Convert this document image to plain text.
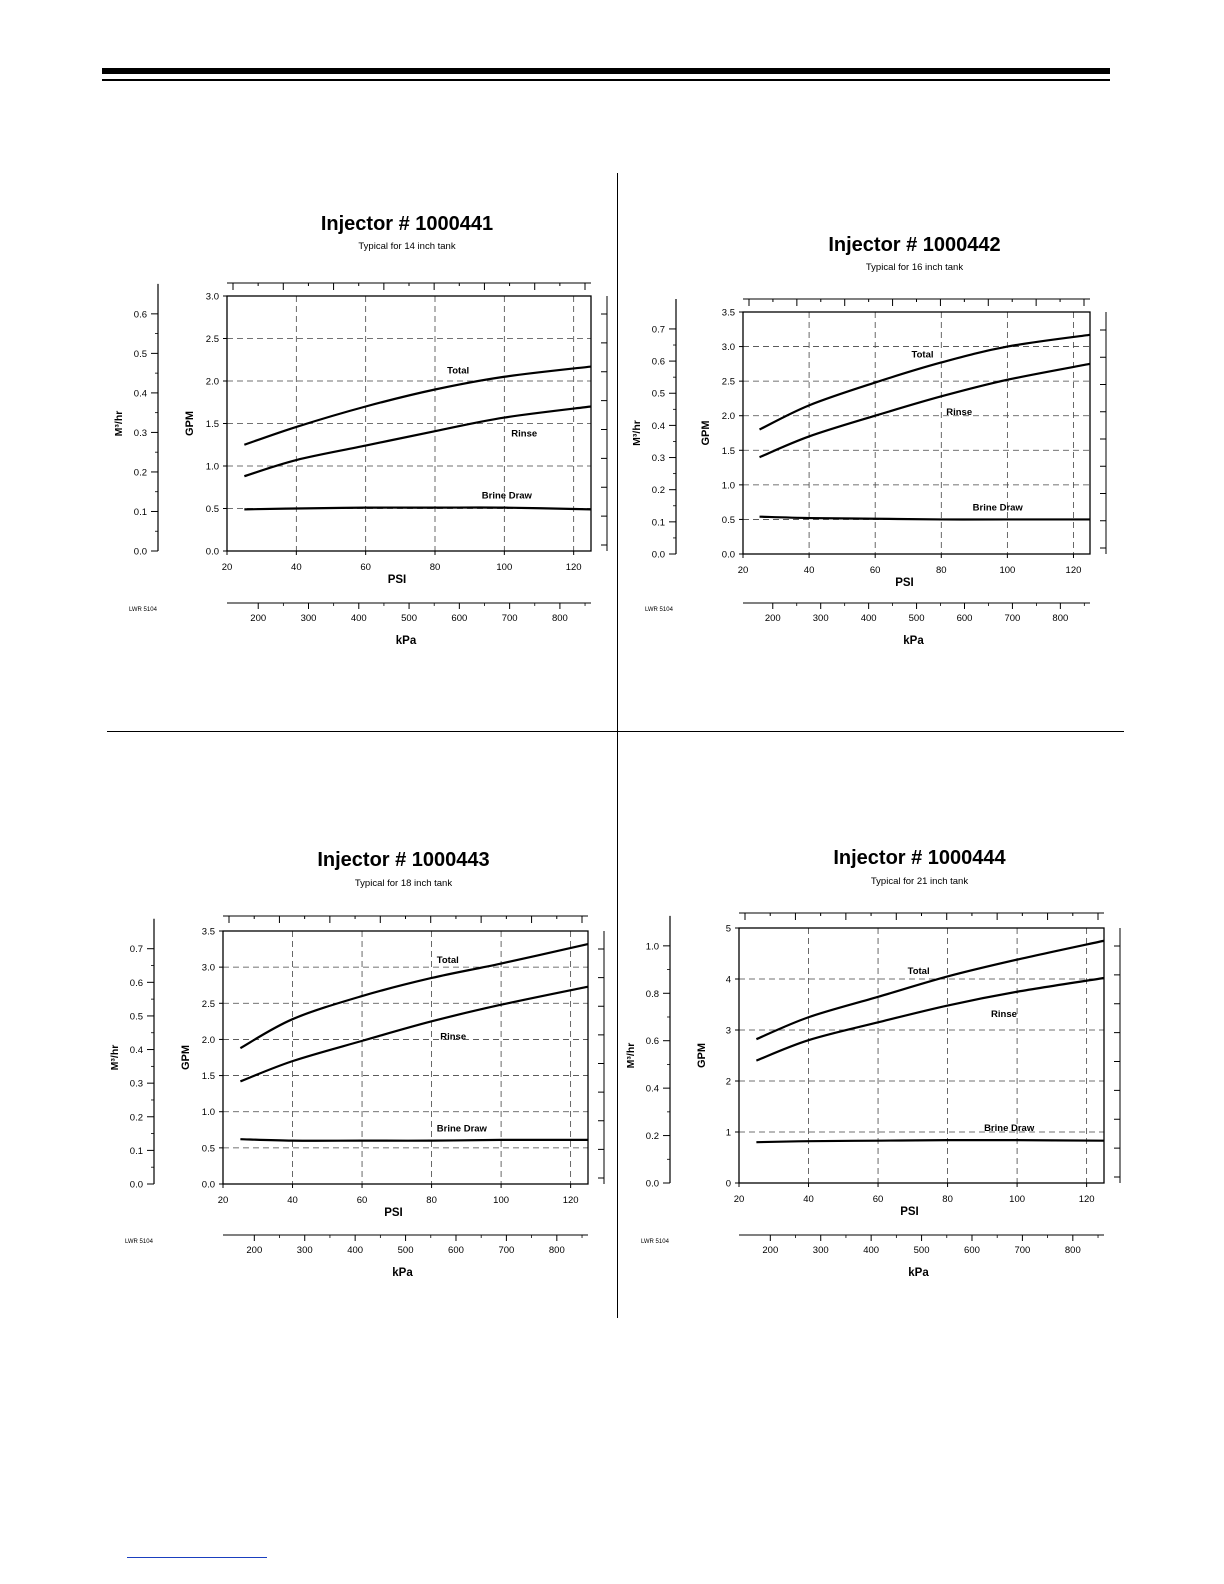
Injector # 1000441
Typical for 14 inch tank
0.0
0.5
1.0
1.5
2.0
2.5
3.0
20	40	60	80	100	120
PSI
GPM
0.0
0.1
0.2
0.3
0.4
0.5
0.6
M³/hr
200	300	400	500	600	700	800
kPa
LWR 5104
Total
Rinse
Brine Draw
Injector # 1000442
Typical for 16 inch tank
0.0
0.5
1.0
1.5
2.0
2.5
3.0
3.5
20	40	60	80	100	120
PSI
GPM
0.0
0.1
0.2
0.3
0.4
0.5
0.6
0.7
M³/hr
200	300	400	500	600	700	800
kPa
LWR 5104
Total
Rinse
Brine Draw
Injector # 1000443
Typical for 18 inch tank
0.0
0.5
1.0
1.5
2.0
2.5
3.0
3.5
20	40	60	80	100	120
PSI
GPM
0.0
0.1
0.2
0.3
0.4
0.5
0.6
0.7
M³/hr
200	300	400	500	600	700	800
kPa
LWR 5104
Total
Rinse
Brine Draw
Injector # 1000444
Typical for 21 inch tank
0
1
2
3
4
5
20	40	60	80	100	120
PSI
GPM
0.0
0.2
0.4
0.6
0.8
1.0
M³/hr
200	300	400	500	600	700	800
kPa
LWR 5104
Total
Rinse
Brine Draw
